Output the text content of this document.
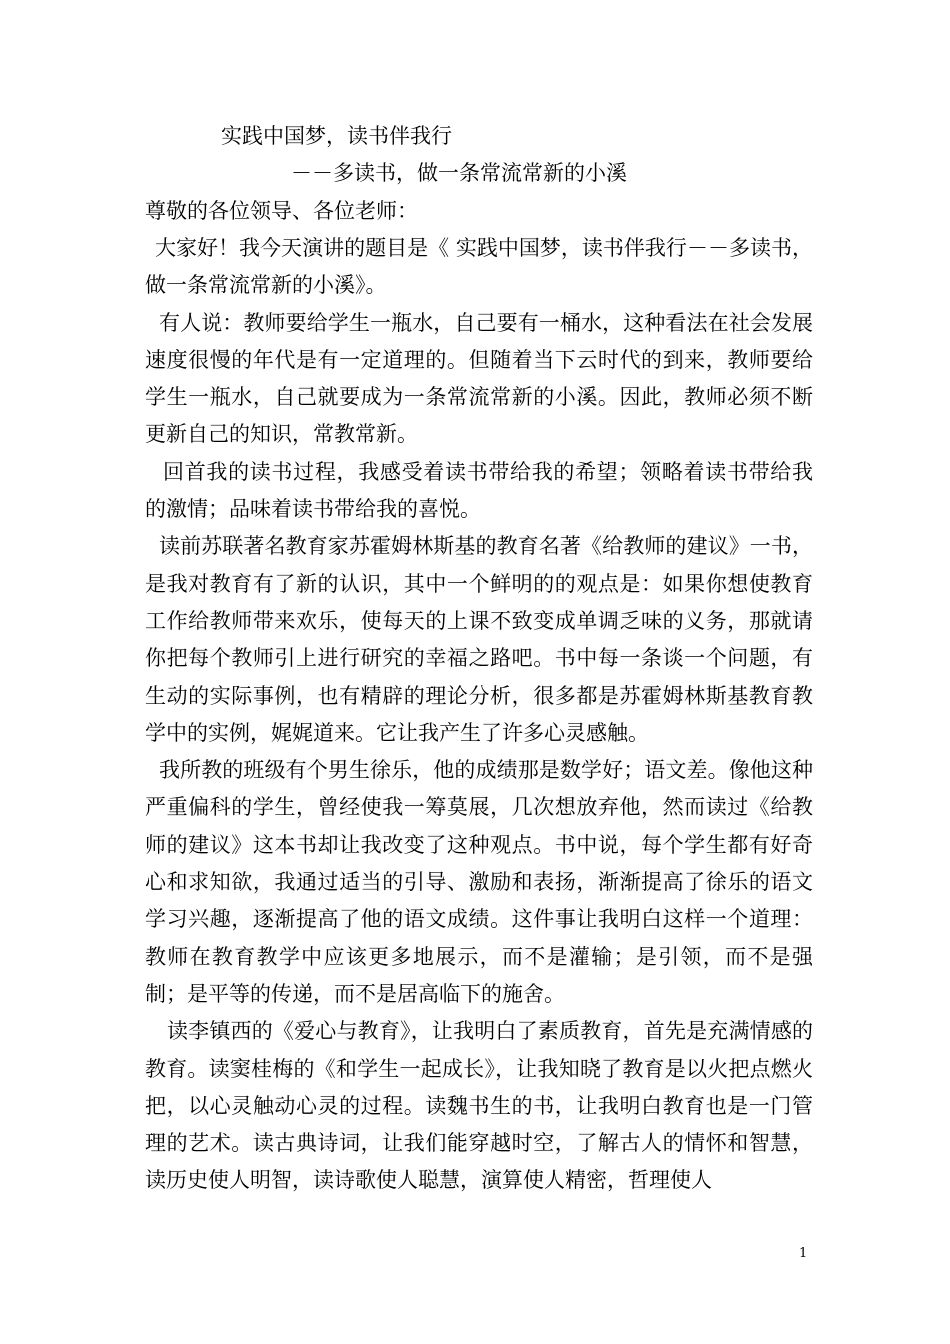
实践中国梦，读书伴我行
－－多读书，做一条常流常新的小溪
尊敬的各位领导、各位老师：

大家好！我今天演讲的题目是《 实践中国梦，读书伴我行－－多读书，做一条常流常新的小溪》。

有人说：教师要给学生一瓶水，自己要有一桶水，这种看法在社会发展速度很慢的年代是有一定道理的。但随着当下云时代的到来，教师要给学生一瓶水，自己就要成为一条常流常新的小溪。因此，教师必须不断更新自己的知识，常教常新。

回首我的读书过程，我感受着读书带给我的希望；领略着读书带给我的激情；品味着读书带给我的喜悦。

读前苏联著名教育家苏霍姆林斯基的教育名著《给教师的建议》一书，是我对教育有了新的认识，其中一个鲜明的的观点是：如果你想使教育工作给教师带来欢乐，使每天的上课不致变成单调乏味的义务，那就请你把每个教师引上进行研究的幸福之路吧。书中每一条谈一个问题，有生动的实际事例，也有精辟的理论分析，很多都是苏霍姆林斯基教育教学中的实例，娓娓道来。它让我产生了许多心灵感触。

我所教的班级有个男生徐乐，他的成绩那是数学好；语文差。像他这种严重偏科的学生，曾经使我一筹莫展，几次想放弃他，然而读过《给教师的建议》这本书却让我改变了这种观点。书中说，每个学生都有好奇心和求知欲，我通过适当的引导、激励和表扬，渐渐提高了徐乐的语文学习兴趣，逐渐提高了他的语文成绩。这件事让我明白这样一个道理：教师在教育教学中应该更多地展示，而不是灌输；是引领，而不是强制；是平等的传递，而不是居高临下的施舍。

读李镇西的《爱心与教育》，让我明白了素质教育，首先是充满情感的教育。读窦桂梅的《和学生一起成长》，让我知晓了教育是以火把点燃火把，以心灵触动心灵的过程。读魏书生的书，让我明白教育也是一门管理的艺术。读古典诗词，让我们能穿越时空，了解古人的情怀和智慧，读历史使人明智，读诗歌使人聪慧，演算使人精密，哲理使人

1
